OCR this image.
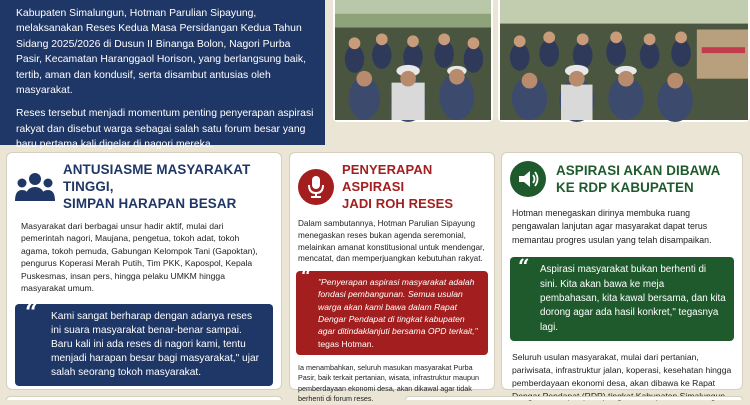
Kabupaten Simalungun, Hotman Parulian Sipayung, melaksanakan Reses Kedua Masa Persidangan Kedua Tahun Sidang 2025/2026 di Dusun II Binanga Bolon, Nagori Purba Pasir, Kecamatan Haranggaol Horison, yang berlangsung baik, tertib, aman dan kondusif, serta disambut antusias oleh masyarakat.

Reses tersebut menjadi momentum penting penyerapan aspirasi rakyat dan disebut warga sebagai salah satu forum besar yang baru pertama kali digelar di nagori mereka.

ANTUSIASME MASYARAKAT TINGGI,
SIMPAN HARAPAN BESAR
Masyarakat dari berbagai unsur hadir aktif, mulai dari pemerintah nagori, Maujana, pengetua, tokoh adat, tokoh agama, tokoh pemuda, Gabungan Kelompok Tani (Gapoktan), pengurus Koperasi Merah Putih, Tim PKK, Kapospol, Kepala Puskesmas, insan pers, hingga pelaku UMKM hingga masyarakat umum.
“ Kami sangat berharap dengan adanya reses ini suara masyarakat benar-benar sampai. Baru kali ini ada reses di nagori kami, tentu menjadi harapan besar bagi masyarakat," ujar salah seorang tokoh masyarakat.
PENYERAPAN ASPIRASI
JADI ROH RESES
Dalam sambutannya, Hotman Parulian Sipayung menegaskan reses bukan agenda seremonial, melainkan amanat konstitusional untuk mendengar, mencatat, dan memperjuangkan kebutuhan rakyat.
“ "Penyerapan aspirasi masyarakat adalah fondasi pembangunan. Semua usulan warga akan kami bawa dalam Rapat Dengar Pendapat di tingkat kabupaten agar ditindaklanjuti bersama OPD terkait," tegas Hotman.
Ia menambahkan, seluruh masukan masyarakat Purba Pasir, baik terkait pertanian, wisata, infrastruktur maupun pemberdayaan ekonomi desa, akan dikawal agar tidak berhenti di forum reses.
ASPIRASI AKAN DIBAWA
KE RDP KABUPATEN
Hotman menegaskan dirinya membuka ruang pengawalan lanjutan agar masyarakat dapat terus memantau progres usulan yang telah disampaikan.
“ Aspirasi masyarakat bukan berhenti di sini. Kita akan bawa ke meja pembahasan, kita kawal bersama, dan kita dorong agar ada hasil konkret," tegasnya lagi.
Seluruh usulan masyarakat, mulai dari pertanian, pariwisata, infrastruktur jalan, koperasi, kesehatan hingga pemberdayaan ekonomi desa, akan dibawa ke Rapat
